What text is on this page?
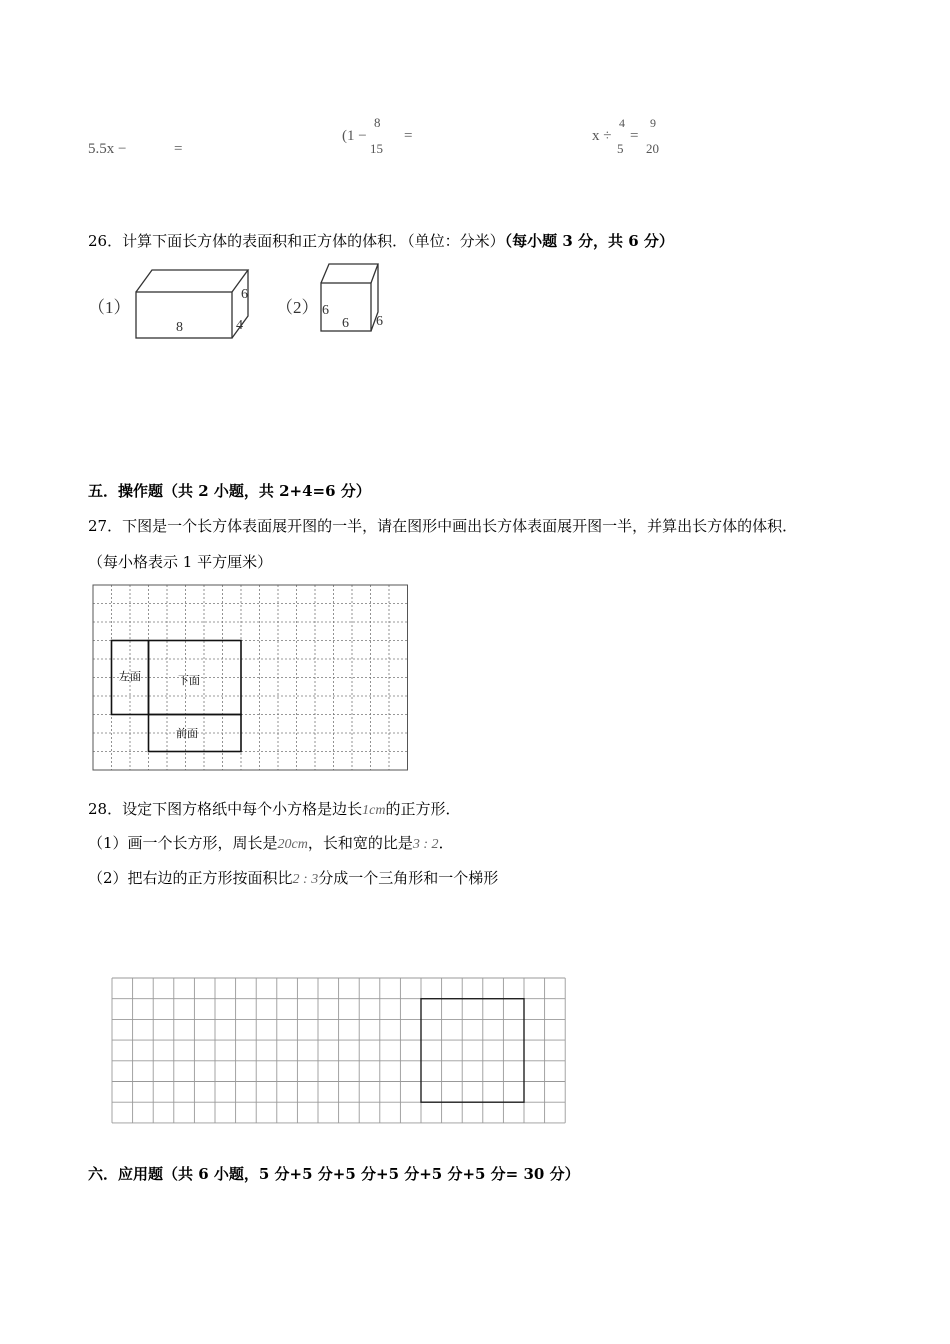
5.5x −	=
(1 −
8
15
=	x ÷
4
5
=
9
20
26．计算下面长方体的表面积和正方体的体积．（单位：分米）（每小题 3 分，共 6 分）
（1）
8	4
6
（2） 6
6 6
五．操作题（共 2 小题，共 2+4=6 分）
27．下图是一个长方体表面展开图的一半，请在图形中画出长方体表面展开图一半，并算出长方体的体积．
（每小格表示 1 平方厘米）
左面	下面
前面
28．设定下图方格纸中每个小方格是边长1cm的正方形．
（1）画一个长方形，周长是20cm，长和宽的比是3 : 2．
（2）把右边的正方形按面积比2 : 3分成一个三角形和一个梯形
六．应用题（共 6 小题，5 分+5 分+5 分+5 分+5 分+5 分= 30 分）
